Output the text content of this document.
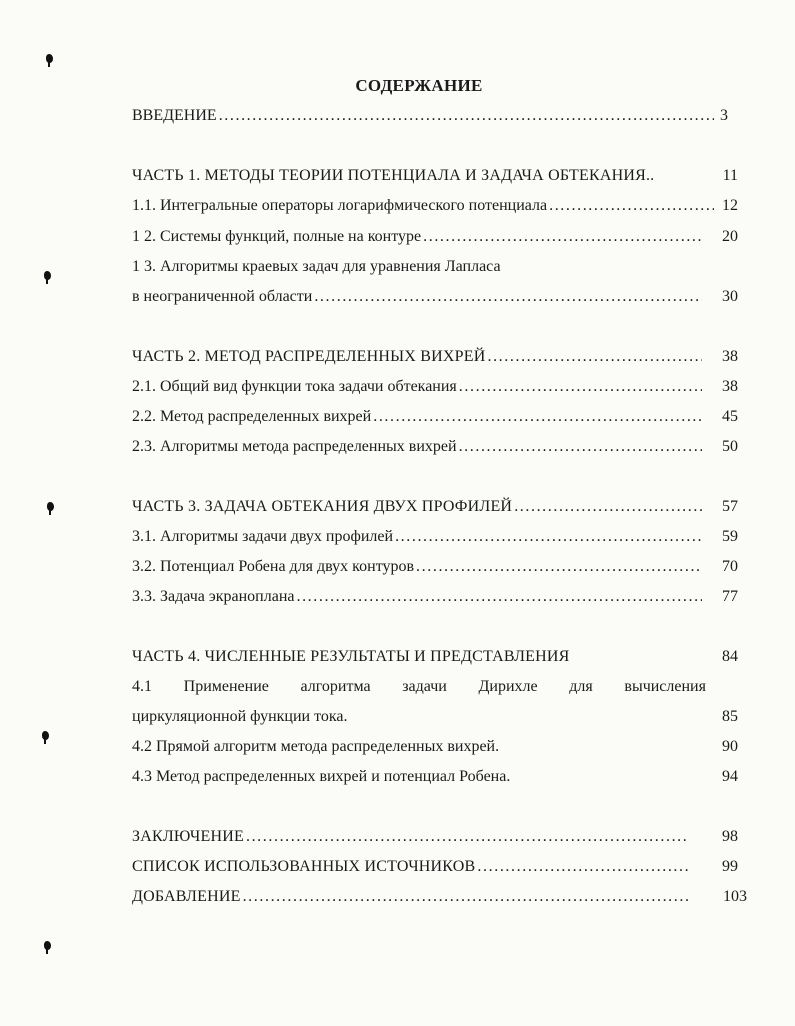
СОДЕРЖАНИЕ
ВВЕДЕНИЕ .....	3
ЧАСТЬ 1. МЕТОДЫ ТЕОРИИ ПОТЕНЦИАЛА И ЗАДАЧА ОБТЕКАНИЯ..	11
1.1. Интегральные операторы логарифмического потенциала .....	12
1 2. Системы функций, полные на контуре .....	20
1 3. Алгоритмы краевых задач для уравнения Лапласа
в неограниченной области .....	30
ЧАСТЬ 2. МЕТОД РАСПРЕДЕЛЕННЫХ ВИХРЕЙ .....	38
2.1. Общий вид функции тока задачи обтекания .....	38
2.2. Метод распределенных вихрей .....	45
2.3. Алгоритмы метода распределенных вихрей .....	50
ЧАСТЬ 3. ЗАДАЧА ОБТЕКАНИЯ ДВУХ ПРОФИЛЕЙ .....	57
3.1. Алгоритмы задачи двух профилей .....	59
3.2. Потенциал Робена для двух контуров .....	70
3.3. Задача экраноплана .....	77
ЧАСТЬ 4. ЧИСЛЕННЫЕ РЕЗУЛЬТАТЫ И ПРЕДСТАВЛЕНИЯ	84
4.1 Применение алгоритма задачи Дирихле для вычисления
циркуляционной функции тока.	85
4.2 Прямой алгоритм метода распределенных вихрей.	90
4.3 Метод распределенных вихрей и потенциал Робена.	94
ЗАКЛЮЧЕНИЕ .....	98
СПИСОК ИСПОЛЬЗОВАННЫХ ИСТОЧНИКОВ .....	99
ДОБАВЛЕНИЕ .....	103
